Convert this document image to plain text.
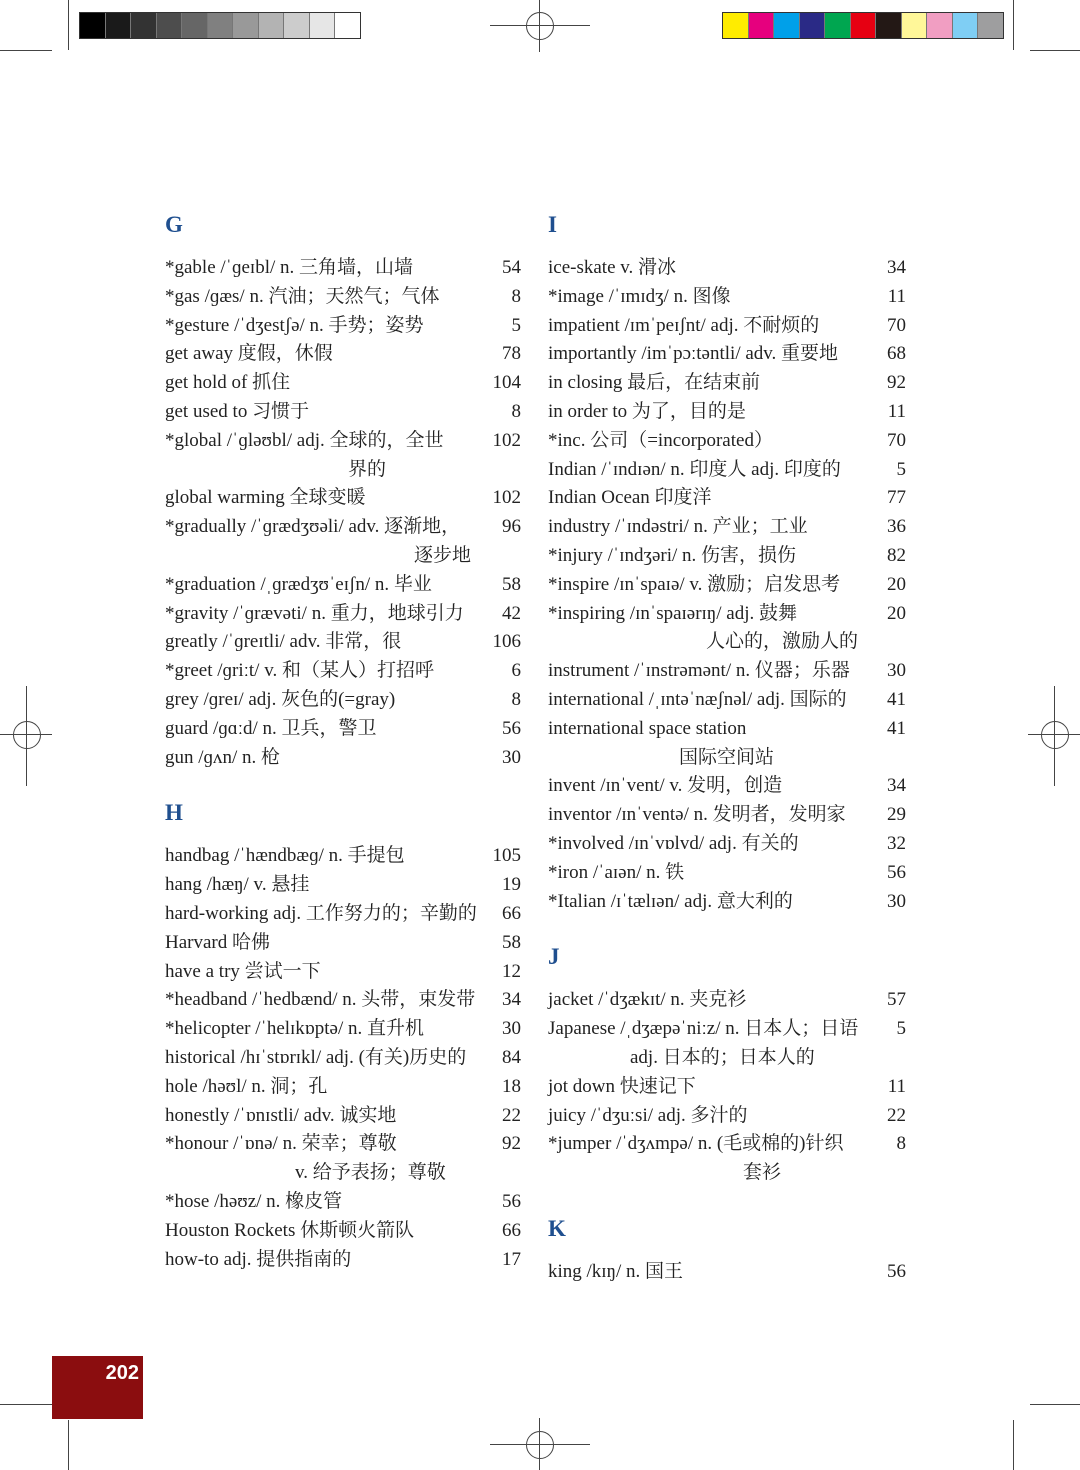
G
*gable /ˈɡeɪbl/ n. 三角墙，山墙	54
*gas /ɡæs/ n. 汽油；天然气；气体	8
*gesture /ˈdʒestʃə/ n. 手势；姿势	5
get away 度假，休假	78
get hold of 抓住	104
get used to 习惯于	8
*global /ˈɡləʊbl/ adj. 全球的，全世	102
界的
global warming 全球变暖	102
*gradually /ˈɡrædʒʊəli/ adv. 逐渐地，	96
逐步地
*graduation /ˌɡrædʒʊˈeɪʃn/ n. 毕业	58
*gravity /ˈɡrævəti/ n. 重力，地球引力	42
greatly /ˈɡreɪtli/ adv. 非常，很	106
*greet /ɡriːt/ v. 和（某人）打招呼	6
grey /ɡreɪ/ adj. 灰色的(=gray)	8
guard /ɡɑːd/ n. 卫兵，警卫	56
gun /ɡʌn/ n. 枪	30
H
handbag /ˈhændbæɡ/ n. 手提包	105
hang /hæŋ/ v. 悬挂	19
hard-working adj. 工作努力的；辛勤的	66
Harvard 哈佛	58
have a try 尝试一下	12
*headband /ˈhedbænd/ n. 头带，束发带	34
*helicopter /ˈhelɪkɒptə/ n. 直升机	30
historical /hɪˈstɒrɪkl/ adj. (有关)历史的	84
hole /həʊl/ n. 洞；孔	18
honestly /ˈɒnɪstli/ adv. 诚实地	22
*honour /ˈɒnə/ n. 荣幸；尊敬	92
v. 给予表扬；尊敬
*hose /həʊz/ n. 橡皮管	56
Houston Rockets 休斯顿火箭队	66
how-to adj. 提供指南的	17
I
ice-skate v. 滑冰	34
*image /ˈɪmɪdʒ/ n. 图像	11
impatient /ɪmˈpeɪʃnt/ adj. 不耐烦的	70
importantly /imˈpɔːtəntli/ adv. 重要地	68
in closing 最后，在结束前	92
in order to 为了，目的是	11
*inc. 公司（=incorporated）	70
Indian /ˈɪndɪən/ n. 印度人 adj. 印度的	5
Indian Ocean 印度洋	77
industry /ˈɪndəstri/ n. 产业；工业	36
*injury /ˈɪndʒəri/ n. 伤害，损伤	82
*inspire /ɪnˈspaɪə/ v. 激励；启发思考	20
*inspiring /ɪnˈspaɪərɪŋ/ adj. 鼓舞	20
人心的，激励人的
instrument /ˈɪnstrəmənt/ n. 仪器；乐器	30
international /ˌɪntəˈnæʃnəl/ adj. 国际的	41
international space station	41
国际空间站
invent /ɪnˈvent/ v. 发明，创造	34
inventor /ɪnˈventə/ n. 发明者，发明家	29
*involved /ɪnˈvɒlvd/ adj. 有关的	32
*iron /ˈaɪən/ n. 铁	56
*Italian /ɪˈtælɪən/ adj. 意大利的	30
J
jacket /ˈdʒækɪt/ n. 夹克衫	57
Japanese /ˌdʒæpəˈniːz/ n. 日本人；日语	5
adj. 日本的；日本人的
jot down 快速记下	11
juicy /ˈdʒuːsi/ adj. 多汁的	22
*jumper /ˈdʒʌmpə/ n. (毛或棉的)针织	8
套衫
K
king /kɪŋ/ n. 国王	56
202
